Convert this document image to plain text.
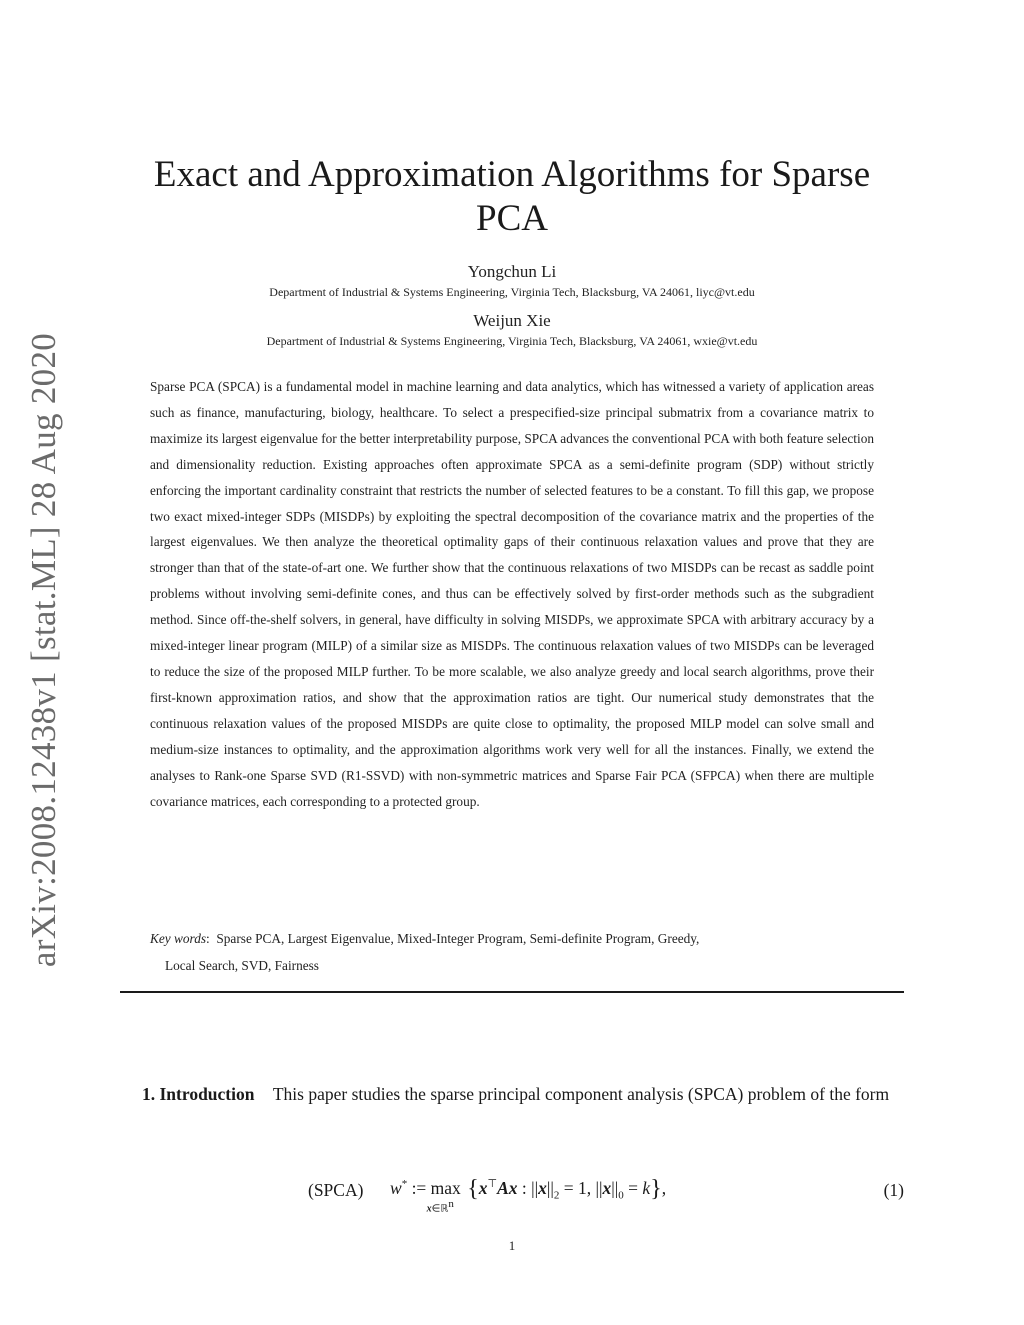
arXiv:2008.12438v1 [stat.ML] 28 Aug 2020
Exact and Approximation Algorithms for Sparse PCA
Yongchun Li
Department of Industrial & Systems Engineering, Virginia Tech, Blacksburg, VA 24061, liyc@vt.edu
Weijun Xie
Department of Industrial & Systems Engineering, Virginia Tech, Blacksburg, VA 24061, wxie@vt.edu

Sparse PCA (SPCA) is a fundamental model in machine learning and data analytics, which has witnessed a variety of application areas such as finance, manufacturing, biology, healthcare. To select a prespecified-size principal submatrix from a covariance matrix to maximize its largest eigenvalue for the better interpretability purpose, SPCA advances the conventional PCA with both feature selection and dimensionality reduction. Existing approaches often approximate SPCA as a semi-definite program (SDP) without strictly enforcing the important cardinality constraint that restricts the number of selected features to be a constant. To fill this gap, we propose two exact mixed-integer SDPs (MISDPs) by exploiting the spectral decomposition of the covariance matrix and the properties of the largest eigenvalues. We then analyze the theoretical optimality gaps of their continuous relaxation values and prove that they are stronger than that of the state-of-art one. We further show that the continuous relaxations of two MISDPs can be recast as saddle point problems without involving semi-definite cones, and thus can be effectively solved by first-order methods such as the subgradient method. Since off-the-shelf solvers, in general, have difficulty in solving MISDPs, we approximate SPCA with arbitrary accuracy by a mixed-integer linear program (MILP) of a similar size as MISDPs. The continuous relaxation values of two MISDPs can be leveraged to reduce the size of the proposed MILP further. To be more scalable, we also analyze greedy and local search algorithms, prove their first-known approximation ratios, and show that the approximation ratios are tight. Our numerical study demonstrates that the continuous relaxation values of the proposed MISDPs are quite close to optimality, the proposed MILP model can solve small and medium-size instances to optimality, and the approximation algorithms work very well for all the instances. Finally, we extend the analyses to Rank-one Sparse SVD (R1-SSVD) with non-symmetric matrices and Sparse Fair PCA (SFPCA) when there are multiple covariance matrices, each corresponding to a protected group.

Key words:  Sparse PCA, Largest Eigenvalue, Mixed-Integer Program, Semi-definite Program, Greedy,
Local Search, SVD, Fairness
1. Introduction This paper studies the sparse principal component analysis (SPCA) problem of the form
(SPCA) w* := max
x∈ℝ$^n$
{x⊤Ax : $||x||_2 = 1$, $||x||_0 = k$},	(1)
1
